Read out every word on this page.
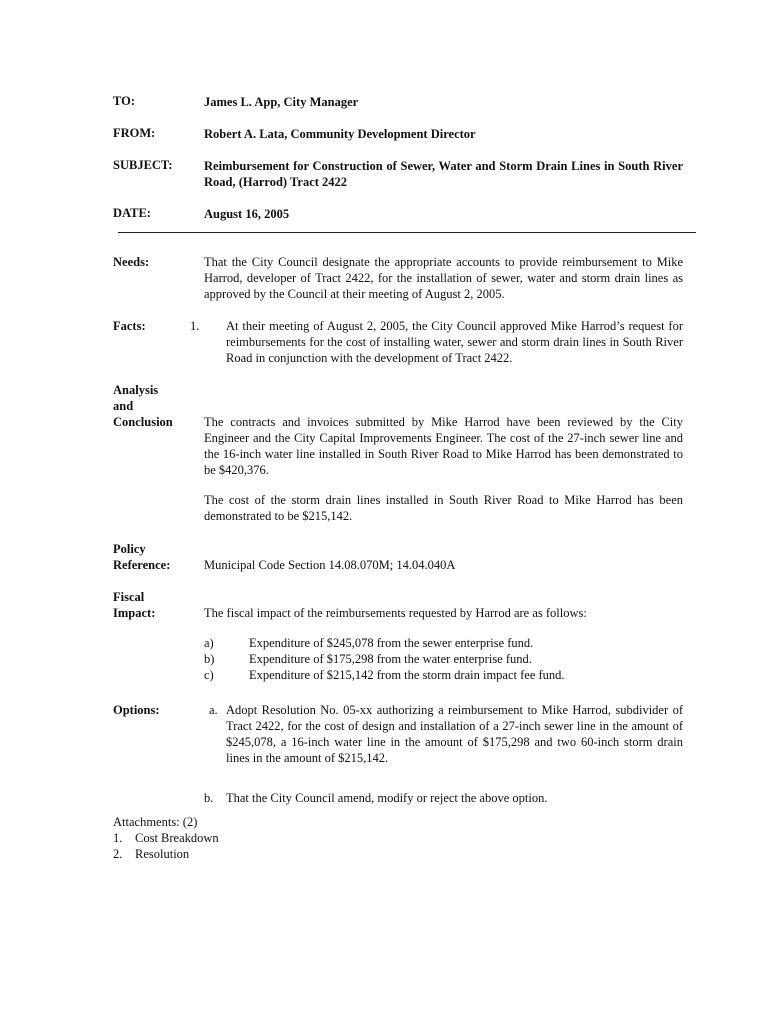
TO:	James L. App, City Manager
FROM:	Robert A. Lata, Community Development Director
SUBJECT:	Reimbursement for Construction of Sewer, Water and Storm Drain Lines in South River Road, (Harrod) Tract 2422
DATE:	August 16, 2005
Needs:	That the City Council designate the appropriate accounts to provide reimbursement to Mike Harrod, developer of Tract 2422, for the installation of sewer, water and storm drain lines as approved by the Council at their meeting of August 2, 2005.
Facts:	1. At their meeting of August 2, 2005, the City Council approved Mike Harrod’s request for reimbursements for the cost of installing water, sewer and storm drain lines in South River Road in conjunction with the development of Tract 2422.
Analysis
and
Conclusion	The contracts and invoices submitted by Mike Harrod have been reviewed by the City Engineer and the City Capital Improvements Engineer. The cost of the 27-inch sewer line and the 16-inch water line installed in South River Road to Mike Harrod has been demonstrated to be $420,376.

The cost of the storm drain lines installed in South River Road to Mike Harrod has been demonstrated to be $215,142.

Policy
Reference:	Municipal Code Section 14.08.070M; 14.04.040A
Fiscal
Impact:	The fiscal impact of the reimbursements requested by Harrod are as follows:

a)	Expenditure of $245,078 from the sewer enterprise fund.
b)	Expenditure of $175,298 from the water enterprise fund.
c)	Expenditure of $215,142 from the storm drain impact fee fund.
Options:	a. Adopt Resolution No. 05-xx authorizing a reimbursement to Mike Harrod, subdivider of Tract 2422, for the cost of design and installation of a 27-inch sewer line in the amount of $245,078, a 16-inch water line in the amount of $175,298 and two 60-inch storm drain lines in the amount of $215,142.
b.	That the City Council amend, modify or reject the above option.
Attachments: (2)
1.	Cost Breakdown
2.	Resolution
